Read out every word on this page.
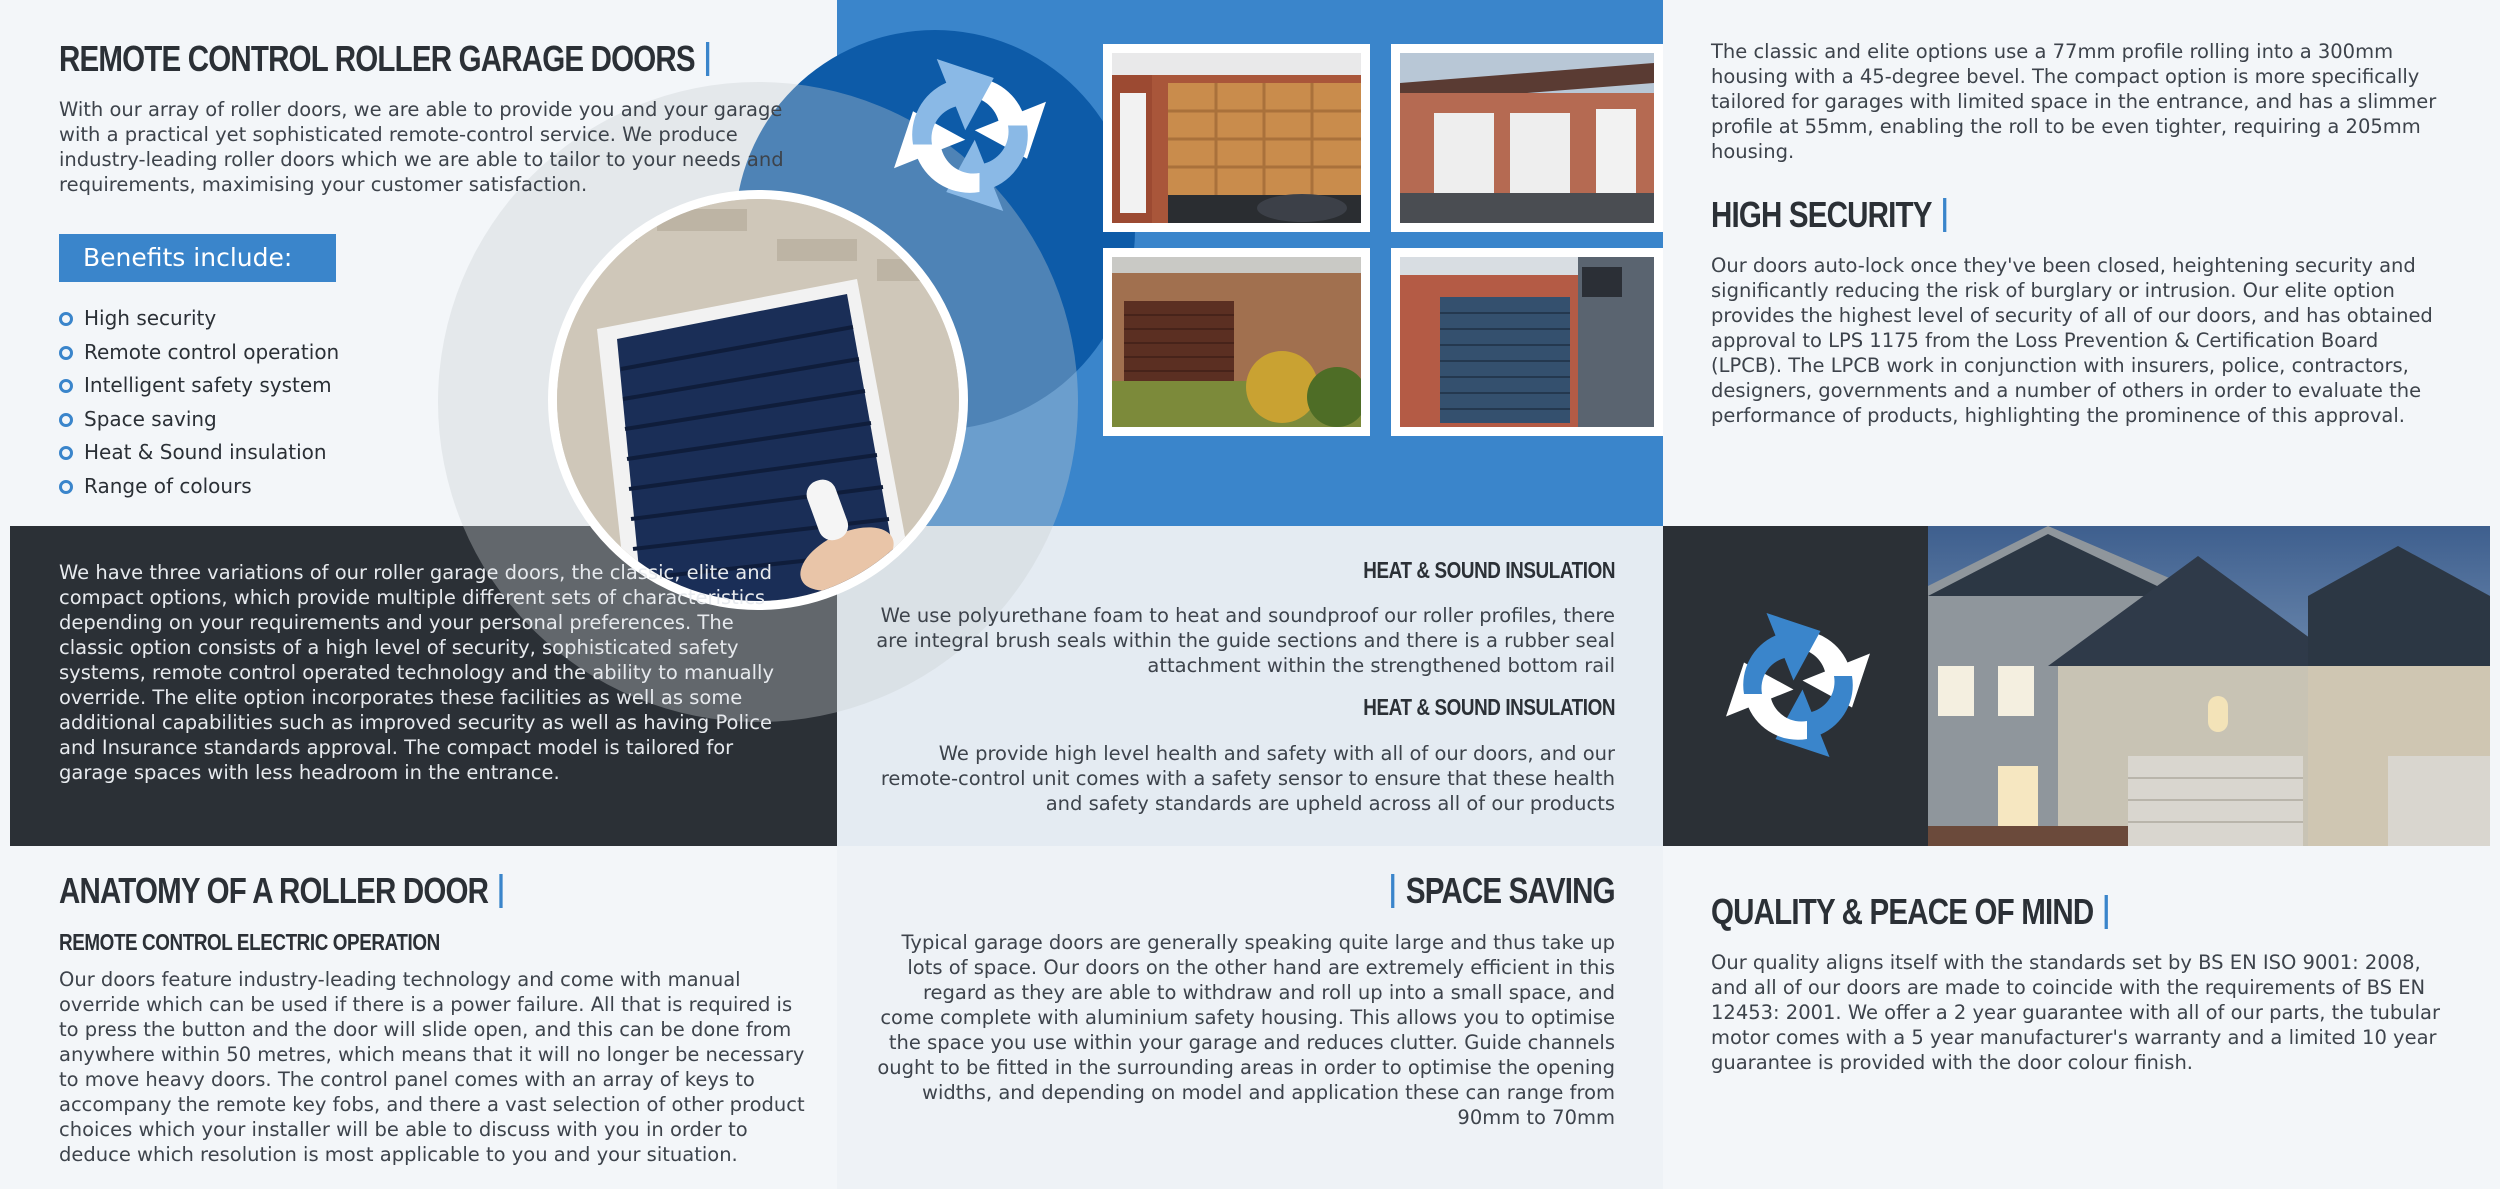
REMOTE CONTROL ROLLER GARAGE DOORS
With our array of roller doors, we are able to provide you and your garage with a practical yet sophisticated remote-control service. We produce industry-leading roller doors which we are able to tailor to your needs and requirements, maximising your customer satisfaction.
Benefits include:
High security
Remote control operation
Intelligent safety system
Space saving
Heat & Sound insulation
Range of colours
We have three variations of our roller garage doors, the classic, elite and compact options, which provide multiple different sets of characteristics depending on your requirements and your personal preferences. The classic option consists of a high level of security, sophisticated safety systems, remote control operated technology and the ability to manually override. The elite option incorporates these facilities as well as some additional capabilities such as improved security as well as having Police and Insurance standards approval. The compact model is tailored for garage spaces with less headroom in the entrance.
The classic and elite options use a 77mm profile rolling into a 300mm housing with a 45-degree bevel. The compact option is more specifically tailored for garages with limited space in the entrance, and has a slimmer profile at 55mm, enabling the roll to be even tighter, requiring a 205mm housing.
HIGH SECURITY
Our doors auto-lock once they've been closed, heightening security and significantly reducing the risk of burglary or intrusion. Our elite option provides the highest level of security of all of our doors, and has obtained approval to LPS 1175 from the Loss Prevention & Certification Board (LPCB). The LPCB work in conjunction with insurers, police, contractors, designers, governments and a number of others in order to evaluate the performance of products, highlighting the prominence of this approval.
HEAT & SOUND INSULATION
We use polyurethane foam to heat and soundproof our roller profiles, there are integral brush seals within the guide sections and there is a rubber seal attachment within the strengthened bottom rail
HEAT & SOUND INSULATION
We provide high level health and safety with all of our doors, and our remote-control unit comes with a safety sensor to ensure that these health and safety standards are upheld across all of our products
ANATOMY OF A ROLLER DOOR
REMOTE CONTROL ELECTRIC OPERATION
Our doors feature industry-leading technology and come with manual override which can be used if there is a power failure. All that is required is to press the button and the door will slide open, and this can be done from anywhere within 50 metres, which means that it will no longer be necessary to move heavy doors. The control panel comes with an array of keys to accompany the remote key fobs, and there a vast selection of other product choices which your installer will be able to discuss with you in order to deduce which resolution is most applicable to you and your situation.
SPACE SAVING
Typical garage doors are generally speaking quite large and thus take up lots of space. Our doors on the other hand are extremely efficient in this regard as they are able to withdraw and roll up into a small space, and come complete with aluminium safety housing. This allows you to optimise the space you use within your garage and reduces clutter. Guide channels ought to be fitted in the surrounding areas in order to optimise the opening widths, and depending on model and application these can range from 90mm to 70mm
QUALITY & PEACE OF MIND
Our quality aligns itself with the standards set by BS EN ISO 9001: 2008, and all of our doors are made to coincide with the requirements of BS EN 12453: 2001. We offer a 2 year guarantee with all of our parts, the tubular motor comes with a 5 year manufacturer's warranty and a limited 10 year guarantee is provided with the door colour finish.
